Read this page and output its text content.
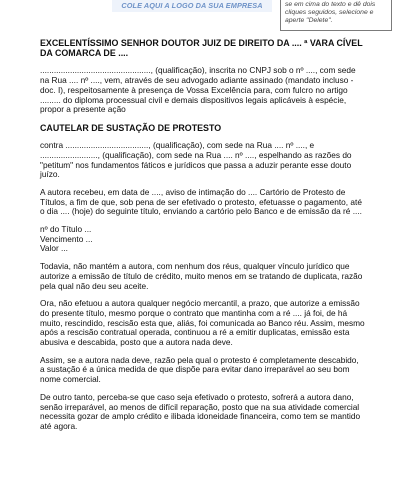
COLE AQUI A LOGO DA SUA EMPRESA	se em cima do texto e dê dois cliques seguidos, selecione e aperte "Delete".

EXCELENTÍSSIMO SENHOR DOUTOR JUIZ DE DIREITO DA .... ª VARA CÍVEL DA COMARCA DE ....

................................................, (qualificação), inscrita no CNPJ sob o nº ...., com sede na Rua .... nº ...., vem, através de seu advogado adiante assinado (mandato incluso - doc. I), respeitosamente à presença de Vossa Excelência para, com fulcro no artigo ......... do diploma processual civil e demais dispositivos legais aplicáveis à espécie, propor a presente ação

CAUTELAR DE SUSTAÇÃO DE PROTESTO

contra ...................................., (qualificação), com sede na Rua .... nº ...., e ........................., (qualificação), com sede na Rua .... nº ...., espelhando as razões do "petitum" nos fundamentos fáticos e jurídicos que passa a aduzir perante esse douto juízo.

A autora recebeu, em data de ...., aviso de intimação do .... Cartório de Protesto de Títulos, a fim de que, sob pena de ser efetivado o protesto, efetuasse o pagamento, até o dia .... (hoje) do seguinte título, enviando a cartório pelo Banco e de emissão da ré ....

nº do Título ...

Vencimento ...

Valor ...

Todavia, não mantém a autora, com nenhum dos réus, qualquer vínculo jurídico que autorize a emissão de título de crédito, muito menos em se tratando de duplicata, razão pela qual não deu seu aceite.

Ora, não efetuou a autora qualquer negócio mercantil, a prazo, que autorize a emissão do presente título, mesmo porque o contrato que mantinha com a ré .... já foi, de há muito, rescindido, rescisão esta que, aliás, foi comunicada ao Banco réu. Assim, mesmo após a rescisão contratual operada, continuou a ré a emitir duplicatas, emissão esta abusiva e descabida, posto que a autora nada deve.

Assim, se a autora nada deve, razão pela qual o protesto é completamente descabido, a sustação é a única medida de que dispõe para evitar dano irreparável ao seu bom nome comercial.

De outro tanto, perceba-se que caso seja efetivado o protesto, sofrerá a autora dano, senão irreparável, ao menos de difícil reparação, posto que na sua atividade comercial necessita gozar de amplo crédito e ilibada idoneidade financeira, como tem se mantido até agora.
